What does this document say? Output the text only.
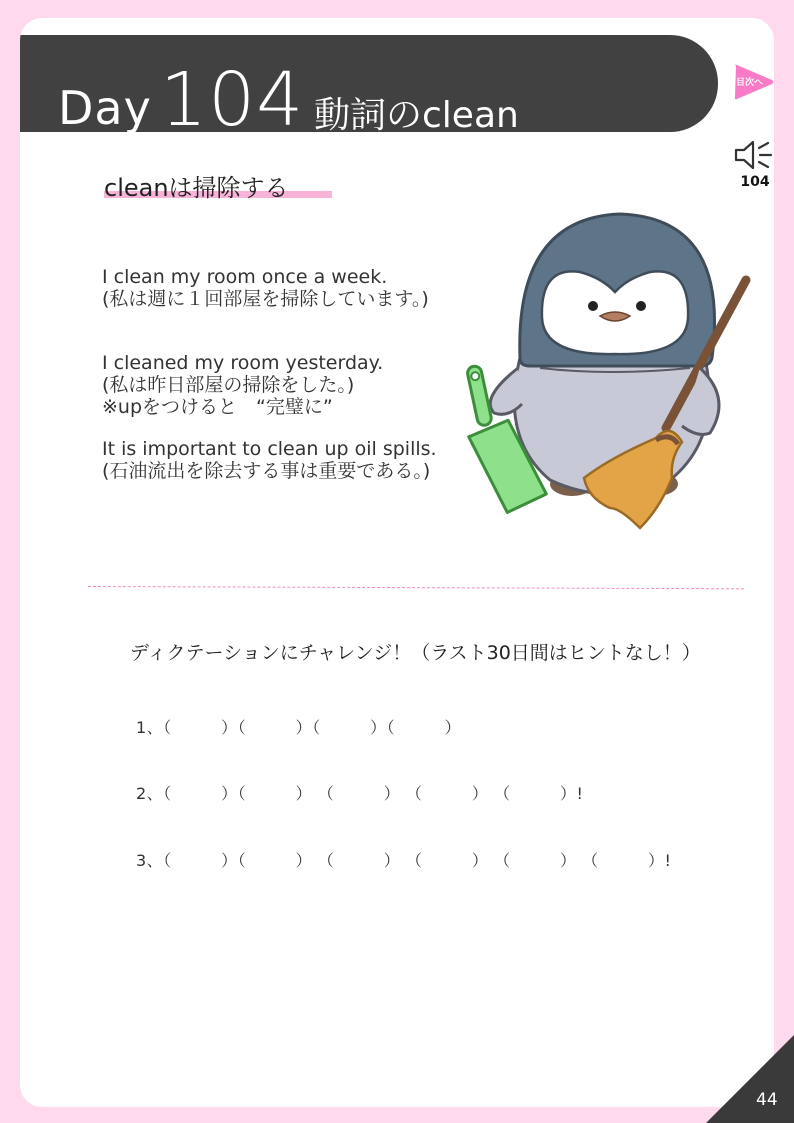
Day 104 動詞のclean
目次へ
104
cleanは掃除する
I clean my room once a week.
(私は週に１回部屋を掃除しています。)
I cleaned my room yesterday.
(私は昨日部屋の掃除をした。)
※upをつけると　“完璧に”
It is important to clean up oil spills.
(石油流出を除去する事は重要である。)
ディクテーションにチャレンジ！（ラスト30日間はヒントなし！）
1、（　　　）（　　　）（　　　）（　　　）
2、（　　　）（　　　） （　　　） （　　　） （　　　）!
3、（　　　）（　　　） （　　　） （　　　） （　　　） （　　　）!
44
